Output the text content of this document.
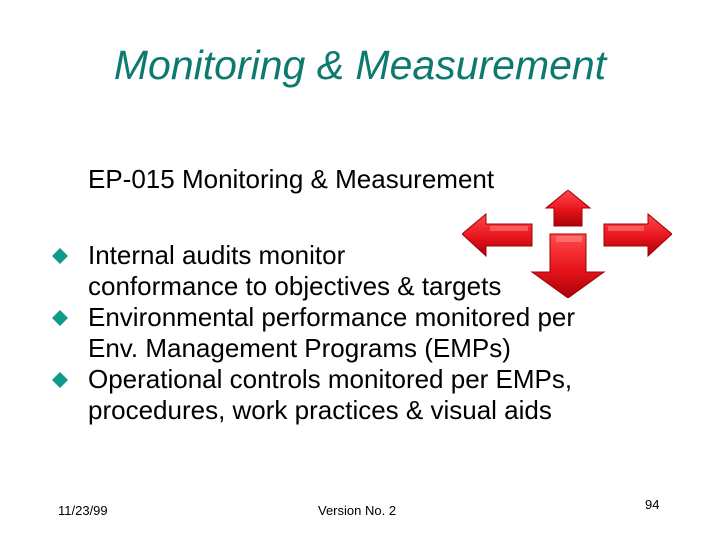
Monitoring & Measurement
EP-015 Monitoring & Measurement
Internal audits monitor
conformance to objectives & targets
Environmental performance monitored per
Env. Management Programs (EMPs)
Operational controls monitored per EMPs,
procedures, work practices & visual aids
11/23/99	Version No. 2	94
